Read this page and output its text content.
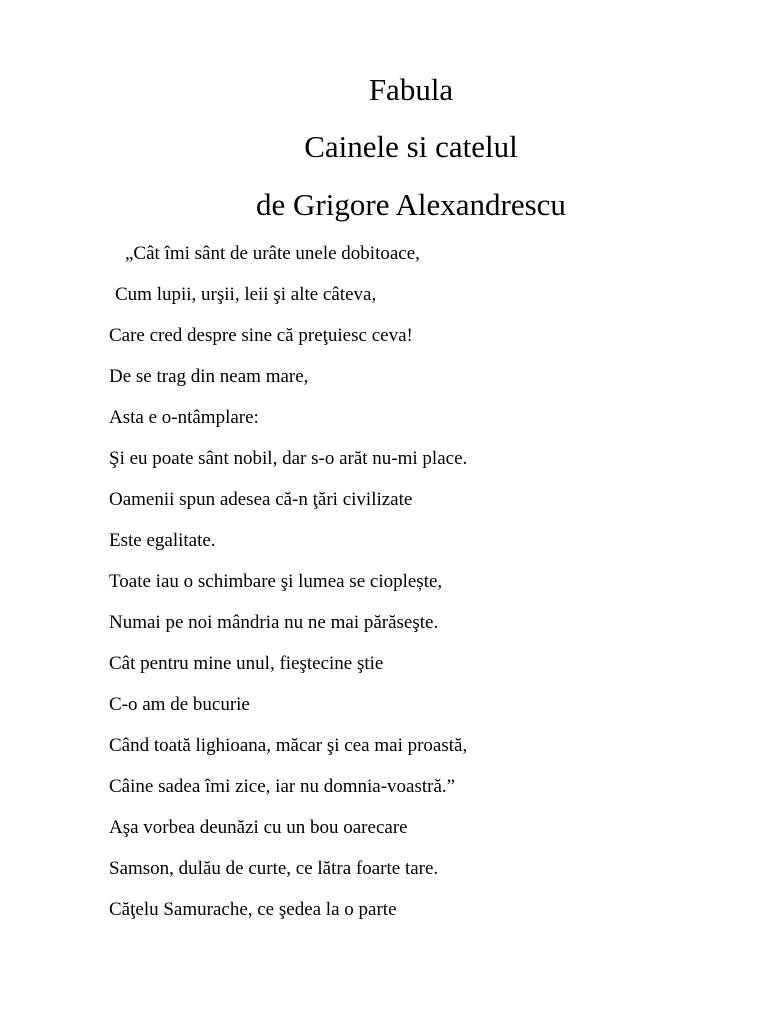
Fabula
Cainele si catelul
de Grigore Alexandrescu
„Cât îmi sânt de urâte unele dobitoace,
Cum lupii, urşii, leii şi alte câteva,
Care cred despre sine că preţuiesc ceva!
De se trag din neam mare,
Asta e o-ntâmplare:
Şi eu poate sânt nobil, dar s-o arăt nu-mi place.
Oamenii spun adesea că-n ţări civilizate
Este egalitate.
Toate iau o schimbare şi lumea se cioplește,
Numai pe noi mândria nu ne mai părăseşte.
Cât pentru mine unul, fieştecine ştie
C-o am de bucurie
Când toată lighioana, măcar şi cea mai proastă,
Câine sadea îmi zice, iar nu domnia-voastră.”
Aşa vorbea deunăzi cu un bou oarecare
Samson, dulău de curte, ce lătra foarte tare.
Căţelu Samurache, ce şedea la o parte
